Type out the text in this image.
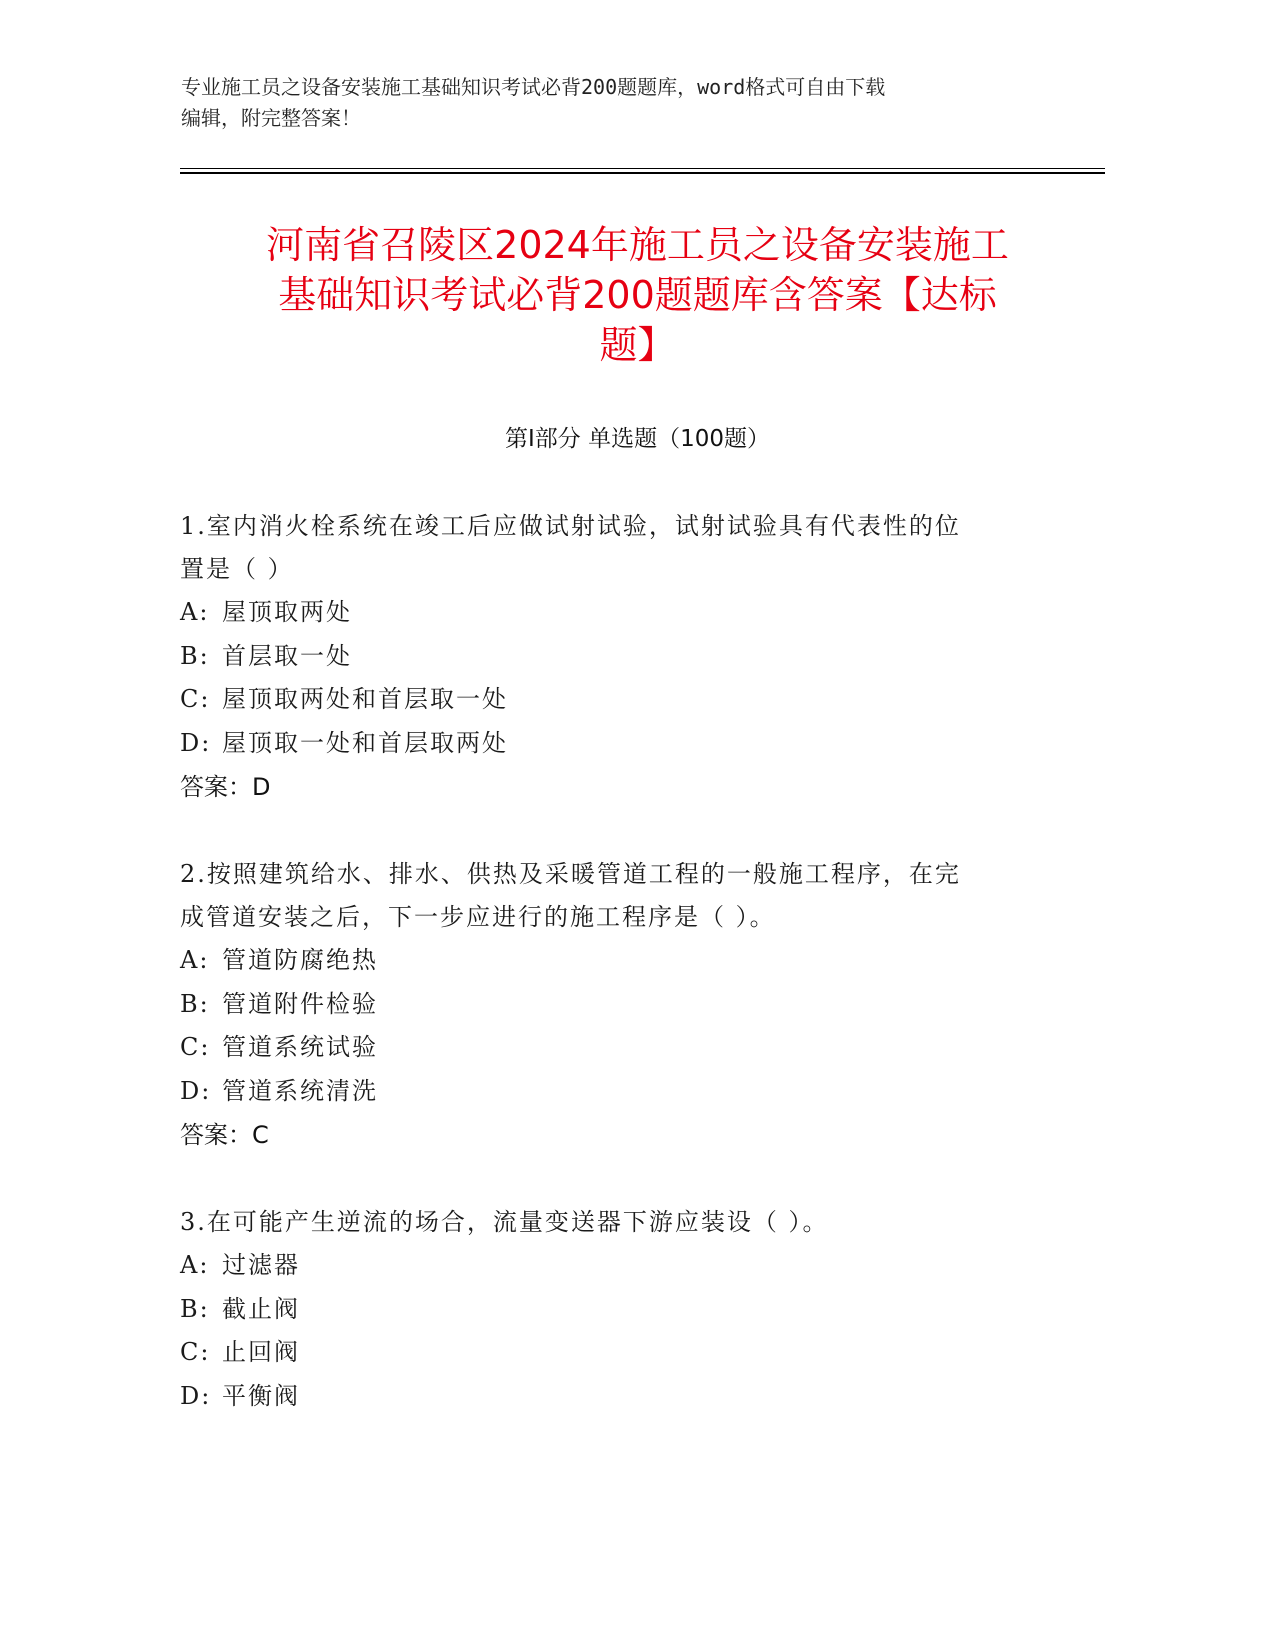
专业施工员之设备安装施工基础知识考试必背200题题库，word格式可自由下载
编辑，附完整答案！
河南省召陵区2024年施工员之设备安装施工
基础知识考试必背200题题库含答案【达标
题】
第Ⅰ部分 单选题（100题）
1.室内消火栓系统在竣工后应做试射试验，试射试验具有代表性的位
置是（ ）
A: 屋顶取两处
B: 首层取一处
C: 屋顶取两处和首层取一处
D: 屋顶取一处和首层取两处
答案：D
2.按照建筑给水、排水、供热及采暖管道工程的一般施工程序，在完
成管道安装之后，下一步应进行的施工程序是（ ）。
A: 管道防腐绝热
B: 管道附件检验
C: 管道系统试验
D: 管道系统清洗
答案：C
3.在可能产生逆流的场合，流量变送器下游应装设（ ）。
A: 过滤器
B: 截止阀
C: 止回阀
D: 平衡阀
